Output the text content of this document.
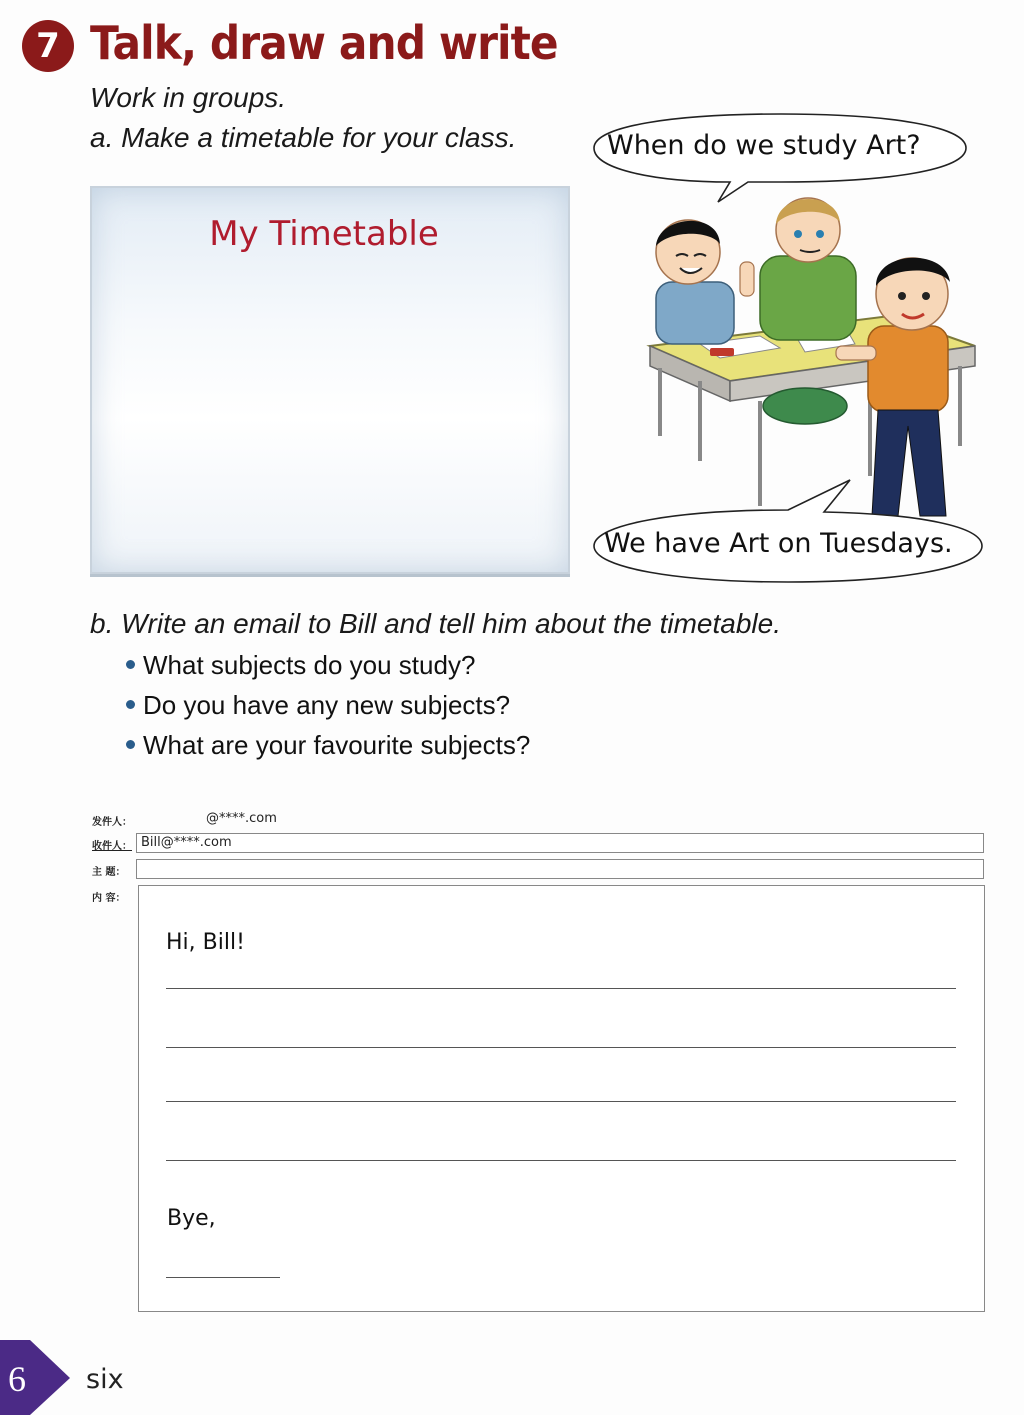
7 Talk, draw and write
Work in groups.
a. Make a timetable for your class.
My Timetable
When do we study Art?
We have Art on Tuesdays.
b. Write an email to Bill and tell him about the timetable.
What subjects do you study?
Do you have any new subjects?
What are your favourite subjects?
发件人：	@****.com
收件人： Bill@****.com
主 题：
内 容：
Hi, Bill!
Bye,
6 six
